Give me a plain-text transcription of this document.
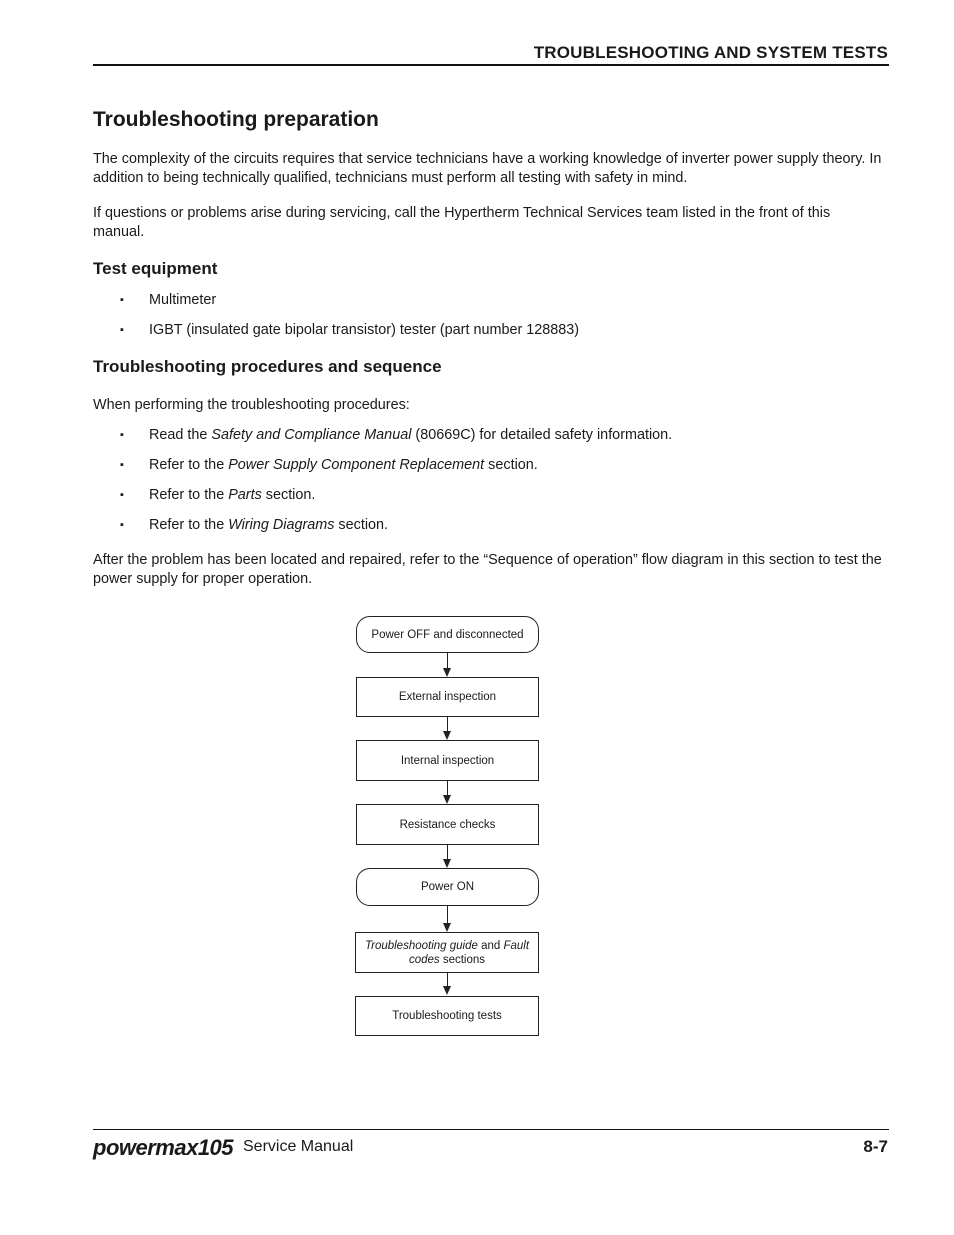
TROUBLESHOOTING AND SYSTEM TESTS
Troubleshooting preparation

The complexity of the circuits requires that service technicians have a working knowledge of inverter power supply theory. In addition to being technically qualified, technicians must perform all testing with safety in mind.

If questions or problems arise during servicing, call the Hypertherm Technical Services team listed in the front of this manual.

Test equipment
▪ Multimeter
▪ IGBT (insulated gate bipolar transistor) tester (part number 128883)
Troubleshooting procedures and sequence

When performing the troubleshooting procedures:

▪ Read the Safety and Compliance Manual (80669C) for detailed safety information.
▪ Refer to the Power Supply Component Replacement section.
▪ Refer to the Parts section.
▪ Refer to the Wiring Diagrams section.

After the problem has been located and repaired, refer to the “Sequence of operation” flow diagram in this section to test the power supply for proper operation.

Power OFF and disconnected
External inspection
Internal inspection
Resistance checks
Power ON
Troubleshooting guide and Fault codes sections
Troubleshooting tests
powermax105 Service Manual	8-7
